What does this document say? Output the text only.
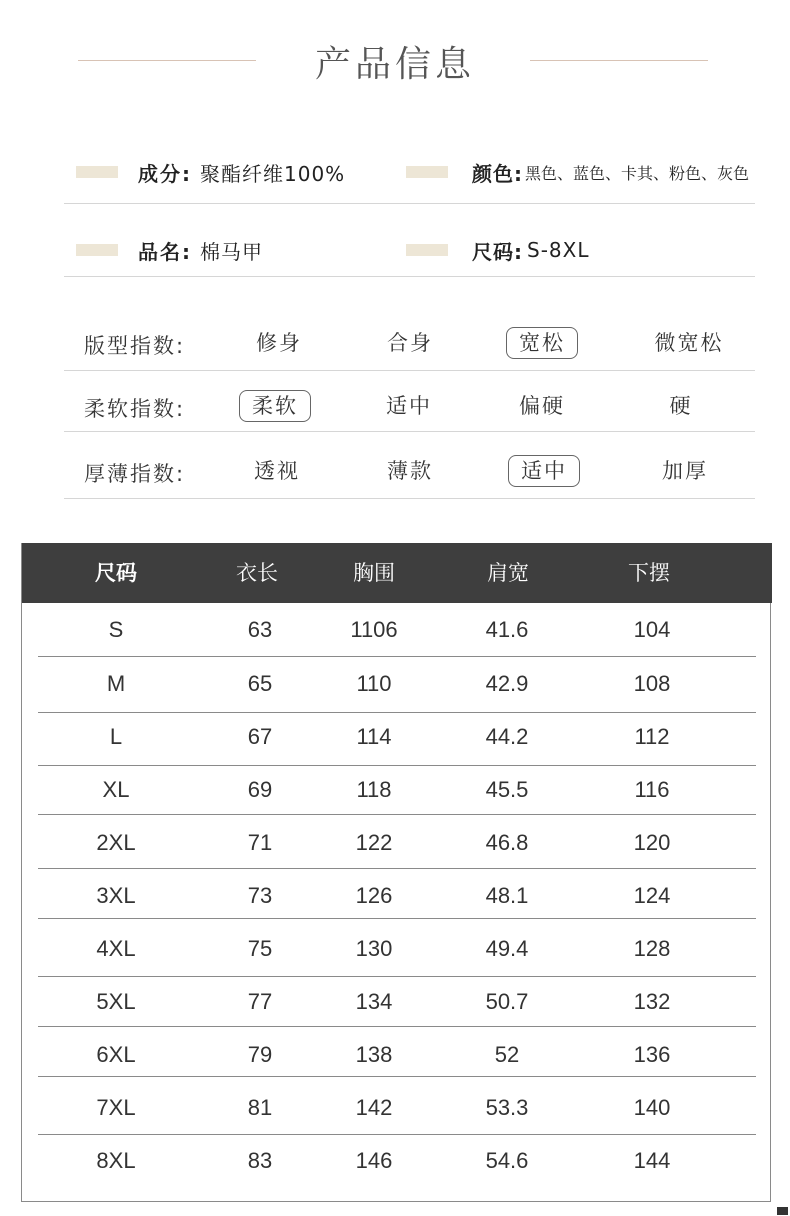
产品信息
成分: 聚酯纤维100%	颜色: 黑色、蓝色、卡其、粉色、灰色
品名: 棉马甲	尺码: S-8XL
版型指数:	修身	合身	宽松	微宽松
柔软指数:	柔软	适中	偏硬	硬
厚薄指数:	透视	薄款	适中	加厚
尺码	衣长	胸围	肩宽	下摆
S	63	1106	41.6	104
M	65	110	42.9	108
L	67	114	44.2	112
XL	69	118	45.5	116
2XL	71	122	46.8	120
3XL	73	126	48.1	124
4XL	75	130	49.4	128
5XL	77	134	50.7	132
6XL	79	138	52	136
7XL	81	142	53.3	140
8XL	83	146	54.6	144
